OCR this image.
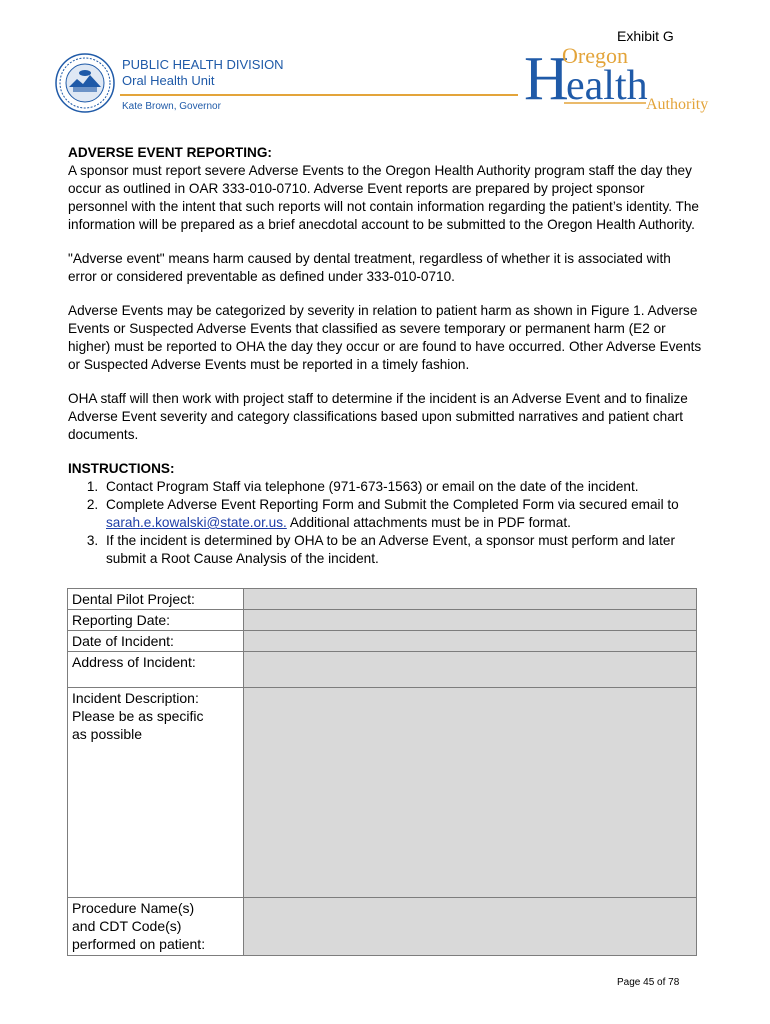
Exhibit G
PUBLIC HEALTH DIVISION
Oral Health Unit
Kate Brown, Governor	H
Oregon
ealth
Authority
ADVERSE EVENT REPORTING:

A sponsor must report severe Adverse Events to the Oregon Health Authority program staff the day they occur as outlined in OAR 333-010-0710. Adverse Event reports are prepared by project sponsor personnel with the intent that such reports will not contain information regarding the patient’s identity. The information will be prepared as a brief anecdotal account to be submitted to the Oregon Health Authority.

"Adverse event" means harm caused by dental treatment, regardless of whether it is associated with error or considered preventable as defined under 333-010-0710.

Adverse Events may be categorized by severity in relation to patient harm as shown in Figure 1. Adverse Events or Suspected Adverse Events that classified as severe temporary or permanent harm (E2 or higher) must be reported to OHA the day they occur or are found to have occurred. Other Adverse Events or Suspected Adverse Events must be reported in a timely fashion.

OHA staff will then work with project staff to determine if the incident is an Adverse Event and to finalize Adverse Event severity and category classifications based upon submitted narratives and patient chart documents.

INSTRUCTIONS:
1. Contact Program Staff via telephone (971-673-1563) or email on the date of the incident.
2. Complete Adverse Event Reporting Form and Submit the Completed Form via secured email to sarah.e.kowalski@state.or.us. Additional attachments must be in PDF format.
3. If the incident is determined by OHA to be an Adverse Event, a sponsor must perform and later submit a Root Cause Analysis of the incident.
Dental Pilot Project:	
Reporting Date:	
Date of Incident:	
Address of Incident:	

Incident Description:
Please be as specific
as possible	

Procedure Name(s)
and CDT Code(s)
performed on patient:	

Page 45 of 78
